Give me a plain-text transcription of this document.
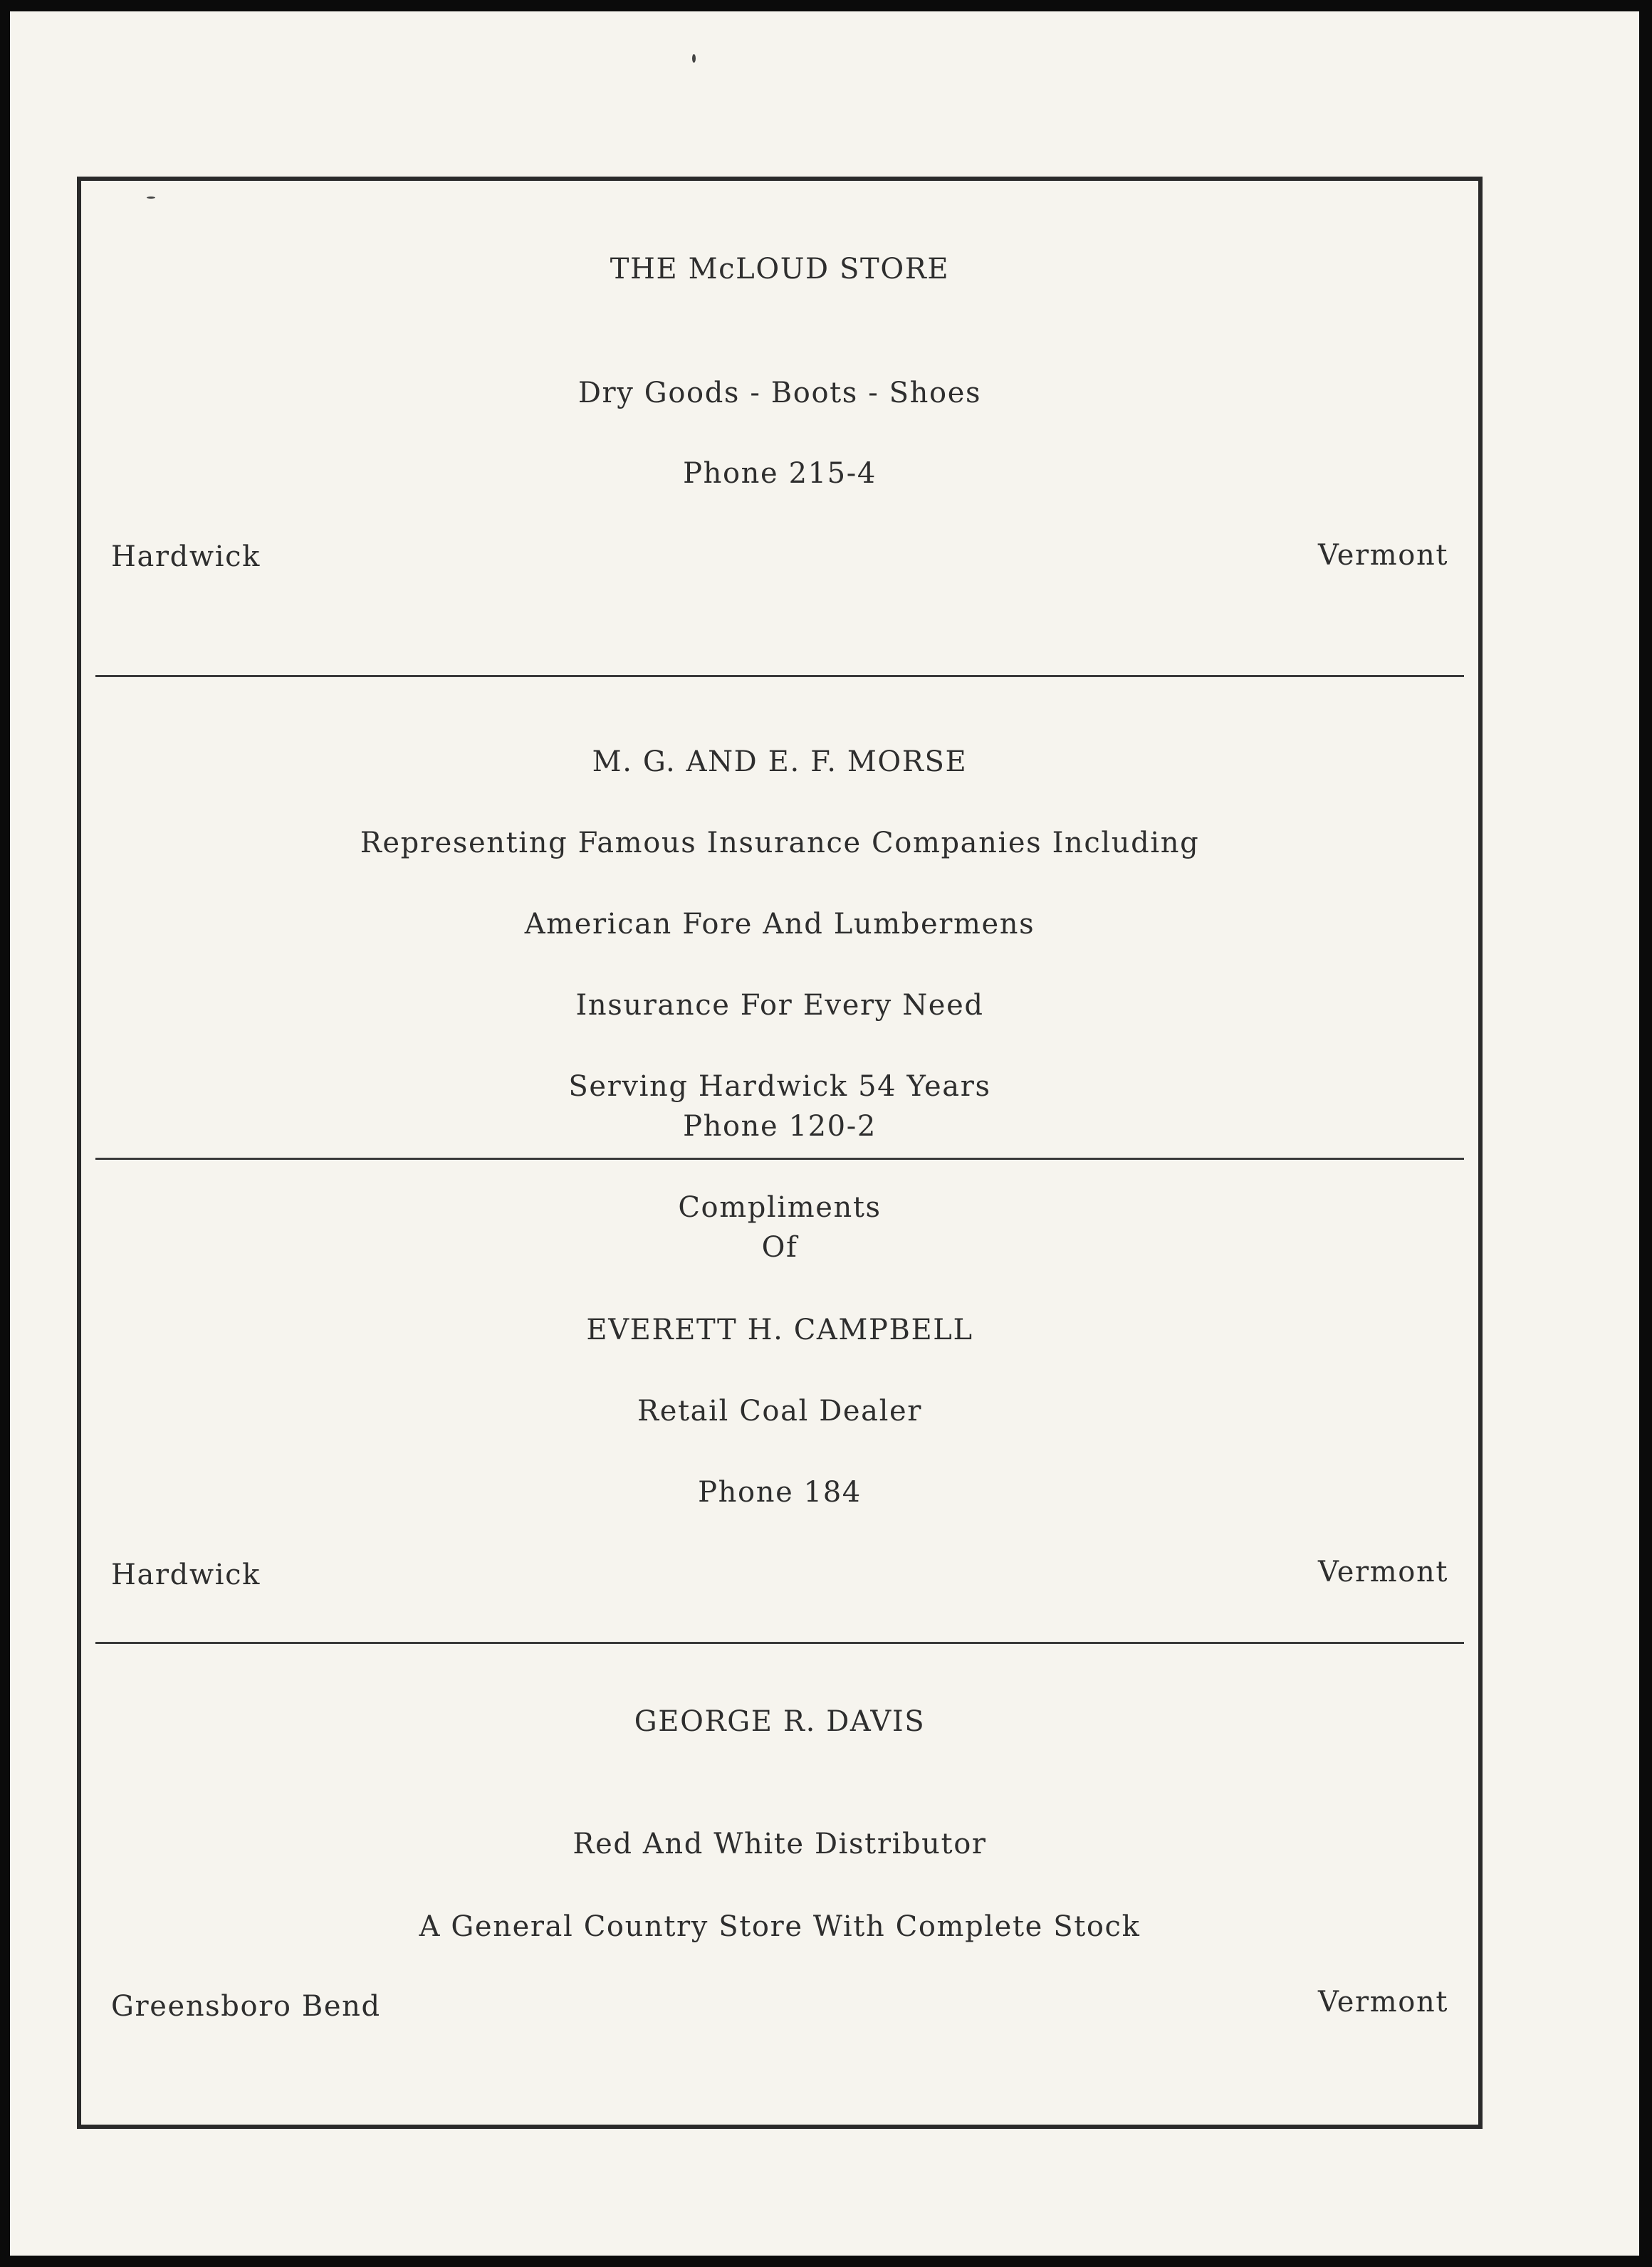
THE McLOUD STORE
Dry Goods - Boots - Shoes
Phone 215-4
Hardwick	Vermont
M. G. AND E. F. MORSE
Representing Famous Insurance Companies Including
American Fore And Lumbermens
Insurance For Every Need
Serving Hardwick 54 Years
Phone 120-2
Compliments
Of
EVERETT H. CAMPBELL
Retail Coal Dealer
Phone 184
Hardwick	Vermont
GEORGE R. DAVIS
Red And White Distributor
A General Country Store With Complete Stock
Greensboro Bend	Vermont
